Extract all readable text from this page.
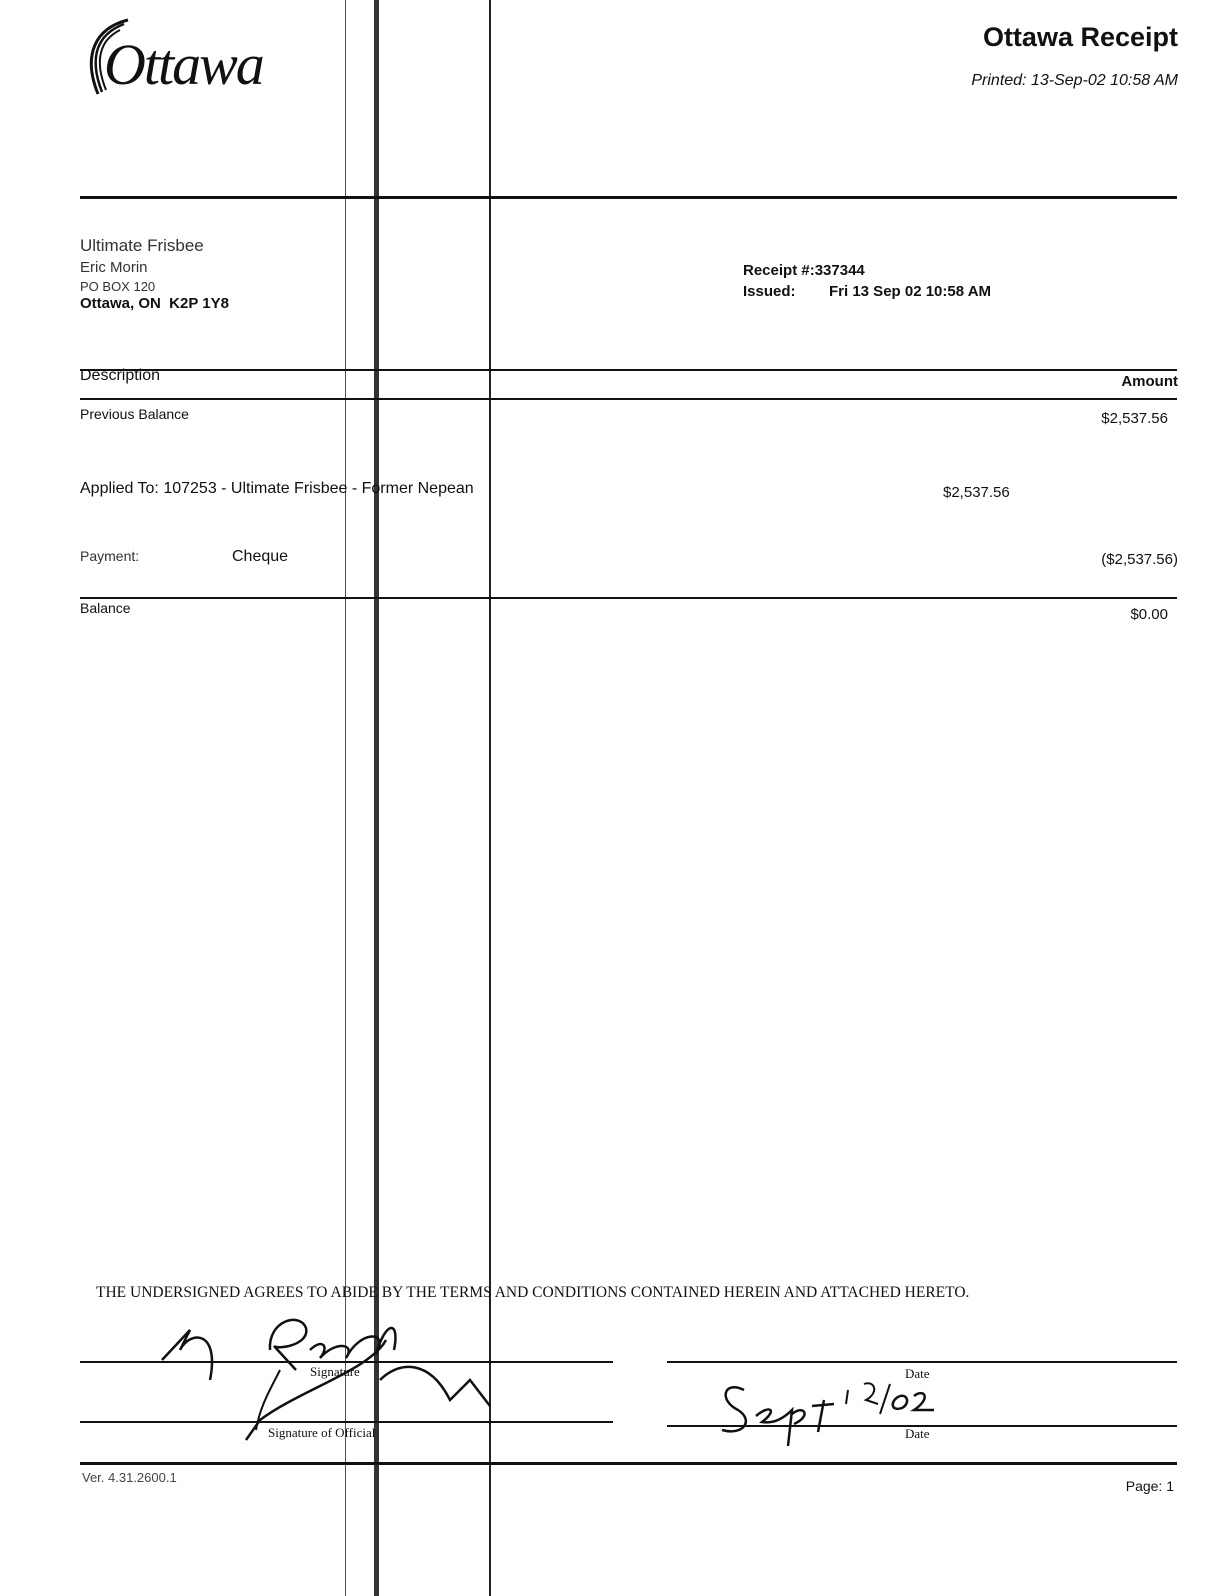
Ottawa	Ottawa Receipt
Printed: 13-Sep-02 10:58 AM
Ultimate Frisbee
Eric Morin
PO BOX 120
Ottawa, ON  K2P 1Y8
Receipt #:337344
Issued: Fri 13 Sep 02 10:58 AM
Description	Amount
Previous Balance	$2,537.56
Applied To: 107253 - Ultimate Frisbee - Former Nepean	$2,537.56
Payment:	Cheque	($2,537.56)
Balance	$0.00
THE UNDERSIGNED AGREES TO ABIDE BY THE TERMS AND CONDITIONS CONTAINED HEREIN AND ATTACHED HERETO.
Signature	Date
Signature of Official	Date
Ver. 4.31.2600.1
Page: 1
